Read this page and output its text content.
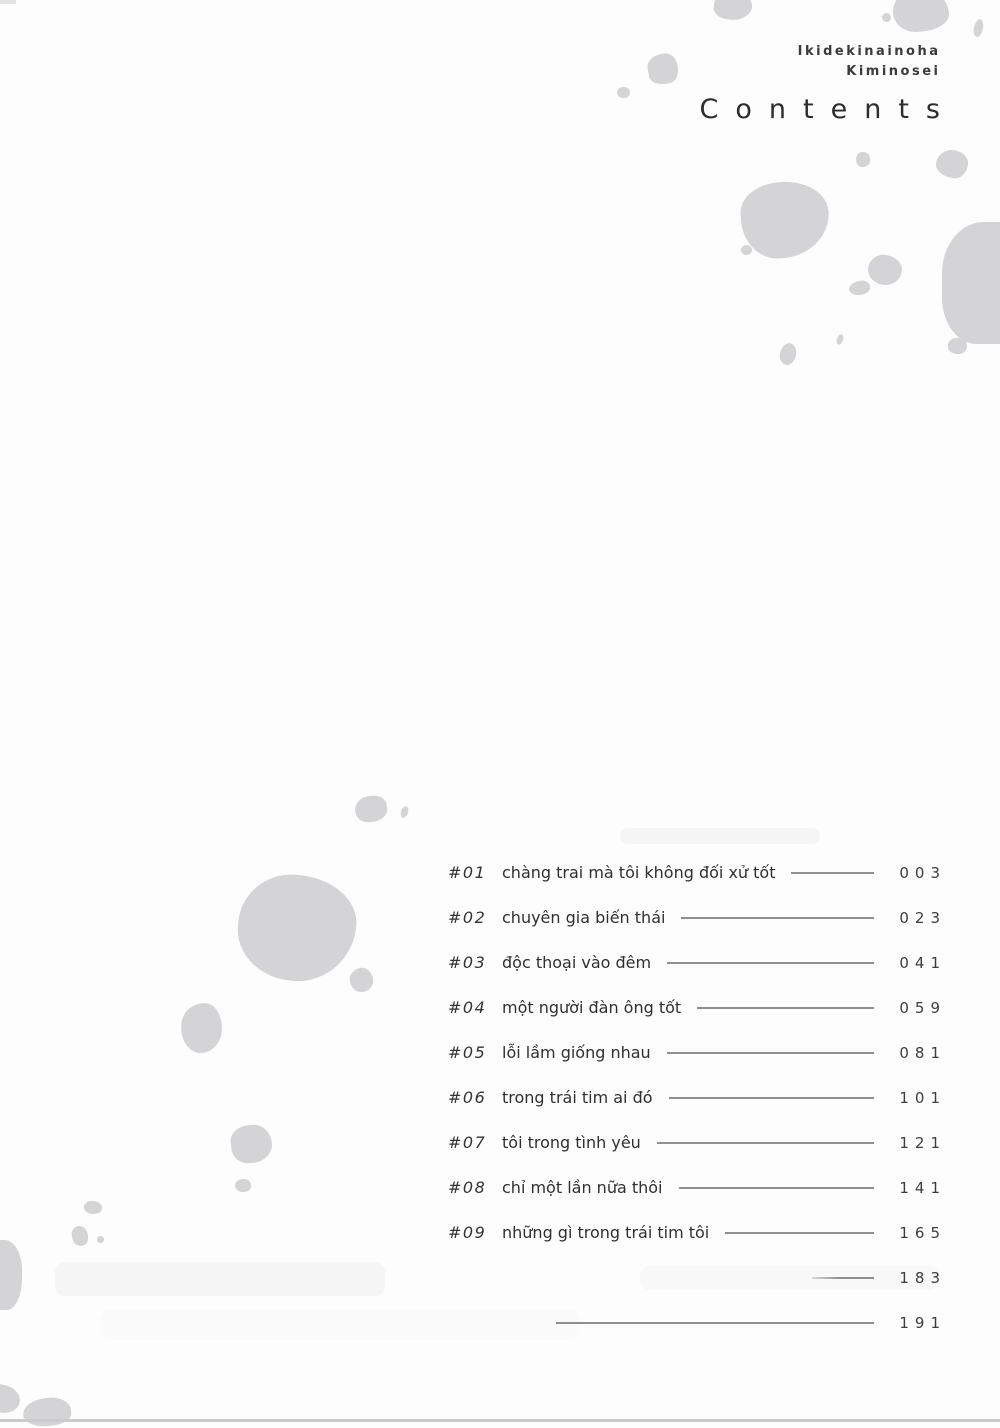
Ikidekinainoha
Kiminosei
Contents
#01 chàng trai mà tôi không đối xử tốt	003
#02 chuyên gia biến thái	023
#03 độc thoại vào đêm	041
#04 một người đàn ông tốt	059
#05 lỗi lầm giống nhau	081
#06 trong trái tim ai đó	101
#07 tôi trong tình yêu	121
#08 chỉ một lần nữa thôi	141
#09 những gì trong trái tim tôi	165
183
191
